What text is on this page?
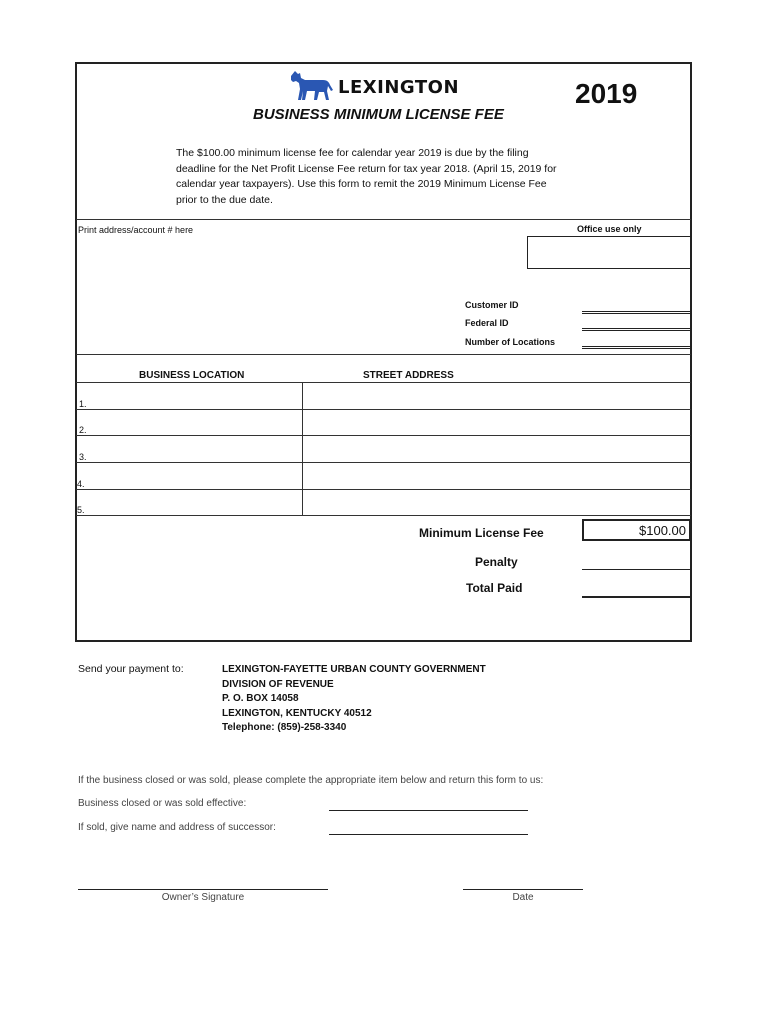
LEXINGTON	2019
BUSINESS MINIMUM LICENSE FEE
The $100.00 minimum license fee for calendar year 2019 is due by the filing
deadline for the Net Profit License Fee return for tax year 2018. (April 15, 2019 for
calendar year taxpayers). Use this form to remit the 2019 Minimum License Fee
prior to the due date.
Print address/account # here	Office use only
Customer ID
Federal ID
Number of Locations
BUSINESS LOCATION	STREET ADDRESS
1.
2.
3.
4.
5.
Minimum License Fee	$100.00
Penalty
Total Paid
Send your payment to:	LEXINGTON-FAYETTE URBAN COUNTY GOVERNMENT
DIVISION OF REVENUE
P. O. BOX 14058
LEXINGTON, KENTUCKY 40512
Telephone: (859)-258-3340
If the business closed or was sold, please complete the appropriate item below and return this form to us:
Business closed or was sold effective:
If sold, give name and address of successor:
Owner’s Signature	Date
